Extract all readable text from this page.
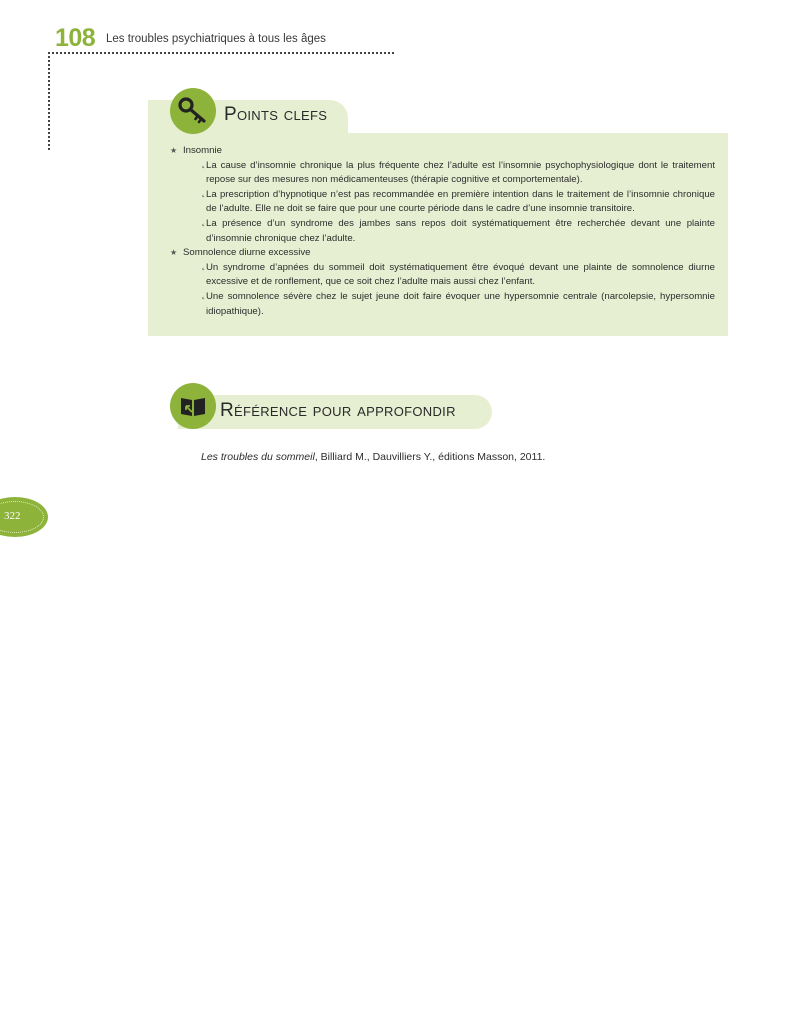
108 Les troubles psychiatriques à tous les âges
322
Points clefs
★ Insomnie
˛ La cause d’insomnie chronique la plus fréquente chez l’adulte est l’insomnie psychophysiologique dont le traitement repose sur des mesures non médicamenteuses (thérapie cognitive et comportementale).
˛ La prescription d’hypnotique n’est pas recommandée en première intention dans le traitement de l’insomnie chronique de l’adulte. Elle ne doit se faire que pour une courte période dans le cadre d’une insomnie transitoire.
˛ La présence d’un syndrome des jambes sans repos doit systématiquement être recherchée devant une plainte d’insomnie chronique chez l’adulte.
★ Somnolence diurne excessive
˛ Un syndrome d’apnées du sommeil doit systématiquement être évoqué devant une plainte de somnolence diurne excessive et de ronflement, que ce soit chez l’adulte mais aussi chez l’enfant.
˛ Une somnolence sévère chez le sujet jeune doit faire évoquer une hypersomnie centrale (narcolepsie, hypersomnie idiopathique).
Référence pour approfondir
Les troubles du sommeil, Billiard M., Dauvilliers Y., éditions Masson, 2011.
